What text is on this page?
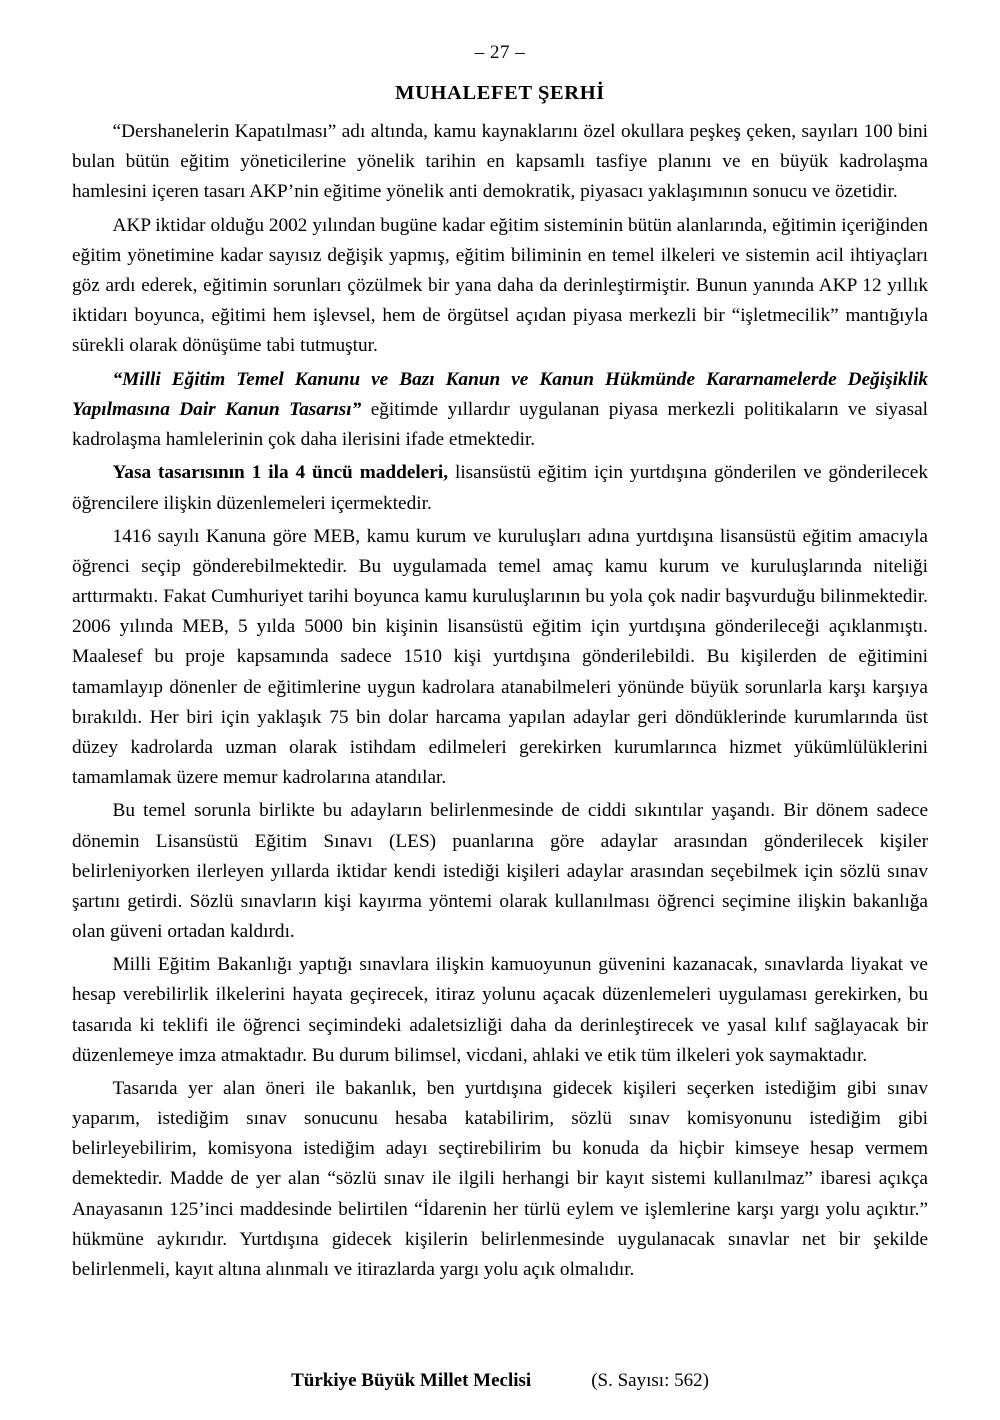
– 27 –
MUHALEFET ŞERHİ

“Dershanelerin Kapatılması” adı altında, kamu kaynaklarını özel okullara peşkeş çeken, sayıları 100 bini bulan bütün eğitim yöneticilerine yönelik tarihin en kapsamlı tasfiye planını ve en büyük kadrolaşma hamlesini içeren tasarı AKP’nin eğitime yönelik anti demokratik, piyasacı yaklaşımının sonucu ve özetidir.

AKP iktidar olduğu 2002 yılından bugüne kadar eğitim sisteminin bütün alanlarında, eğitimin içeriğinden eğitim yönetimine kadar sayısız değişik yapmış, eğitim biliminin en temel ilkeleri ve sistemin acil ihtiyaçları göz ardı ederek, eğitimin sorunları çözülmek bir yana daha da derinleştirmiştir. Bunun yanında AKP 12 yıllık iktidarı boyunca, eğitimi hem işlevsel, hem de örgütsel açıdan piyasa merkezli bir “işletmecilik” mantığıyla sürekli olarak dönüşüme tabi tutmuştur.

“Milli Eğitim Temel Kanunu ve Bazı Kanun ve Kanun Hükmünde Kararnamelerde Değişiklik Yapılmasına Dair Kanun Tasarısı” eğitimde yıllardır uygulanan piyasa merkezli politikaların ve siyasal kadrolaşma hamlelerinin çok daha ilerisini ifade etmektedir.

Yasa tasarısının 1 ila 4 üncü maddeleri, lisansüstü eğitim için yurtdışına gönderilen ve gönderilecek öğrencilere ilişkin düzenlemeleri içermektedir.

1416 sayılı Kanuna göre MEB, kamu kurum ve kuruluşları adına yurtdışına lisansüstü eğitim amacıyla öğrenci seçip gönderebilmektedir. Bu uygulamada temel amaç kamu kurum ve kuruluşlarında niteliği arttırmaktı. Fakat Cumhuriyet tarihi boyunca kamu kuruluşlarının bu yola çok nadir başvurduğu bilinmektedir. 2006 yılında MEB, 5 yılda 5000 bin kişinin lisansüstü eğitim için yurtdışına gönderileceği açıklanmıştı. Maalesef bu proje kapsamında sadece 1510 kişi yurtdışına gönderilebildi. Bu kişilerden de eğitimini tamamlayıp dönenler de eğitimlerine uygun kadrolara atanabilmeleri yönünde büyük sorunlarla karşı karşıya bırakıldı. Her biri için yaklaşık 75 bin dolar harcama yapılan adaylar geri döndüklerinde kurumlarında üst düzey kadrolarda uzman olarak istihdam edilmeleri gerekirken kurumlarınca hizmet yükümlülüklerini tamamlamak üzere memur kadrolarına atandılar.

Bu temel sorunla birlikte bu adayların belirlenmesinde de ciddi sıkıntılar yaşandı. Bir dönem sadece dönemin Lisansüstü Eğitim Sınavı (LES) puanlarına göre adaylar arasından gönderilecek kişiler belirleniyorken ilerleyen yıllarda iktidar kendi istediği kişileri adaylar arasından seçebilmek için sözlü sınav şartını getirdi. Sözlü sınavların kişi kayırma yöntemi olarak kullanılması öğrenci seçimine ilişkin bakanlığa olan güveni ortadan kaldırdı.

Milli Eğitim Bakanlığı yaptığı sınavlara ilişkin kamuoyunun güvenini kazanacak, sınavlarda liyakat ve hesap verebilirlik ilkelerini hayata geçirecek, itiraz yolunu açacak düzenlemeleri uygulaması gerekirken, bu tasarıda ki teklifi ile öğrenci seçimindeki adaletsizliği daha da derinleştirecek ve yasal kılıf sağlayacak bir düzenlemeye imza atmaktadır. Bu durum bilimsel, vicdani, ahlaki ve etik tüm ilkeleri yok saymaktadır.

Tasarıda yer alan öneri ile bakanlık, ben yurtdışına gidecek kişileri seçerken istediğim gibi sınav yaparım, istediğim sınav sonucunu hesaba katabilirim, sözlü sınav komisyonunu istediğim gibi belirleyebilirim, komisyona istediğim adayı seçtirebilirim bu konuda da hiçbir kimseye hesap vermem demektedir. Madde de yer alan “sözlü sınav ile ilgili herhangi bir kayıt sistemi kullanılmaz” ibaresi açıkça Anayasanın 125’inci maddesinde belirtilen “İdarenin her türlü eylem ve işlemlerine karşı yargı yolu açıktır.” hükmüne aykırıdır. Yurtdışına gidecek kişilerin belirlenmesinde uygulanacak sınavlar net bir şekilde belirlenmeli, kayıt altına alınmalı ve itirazlarda yargı yolu açık olmalıdır.

Türkiye Büyük Millet Meclisi	(S. Sayısı: 562)
